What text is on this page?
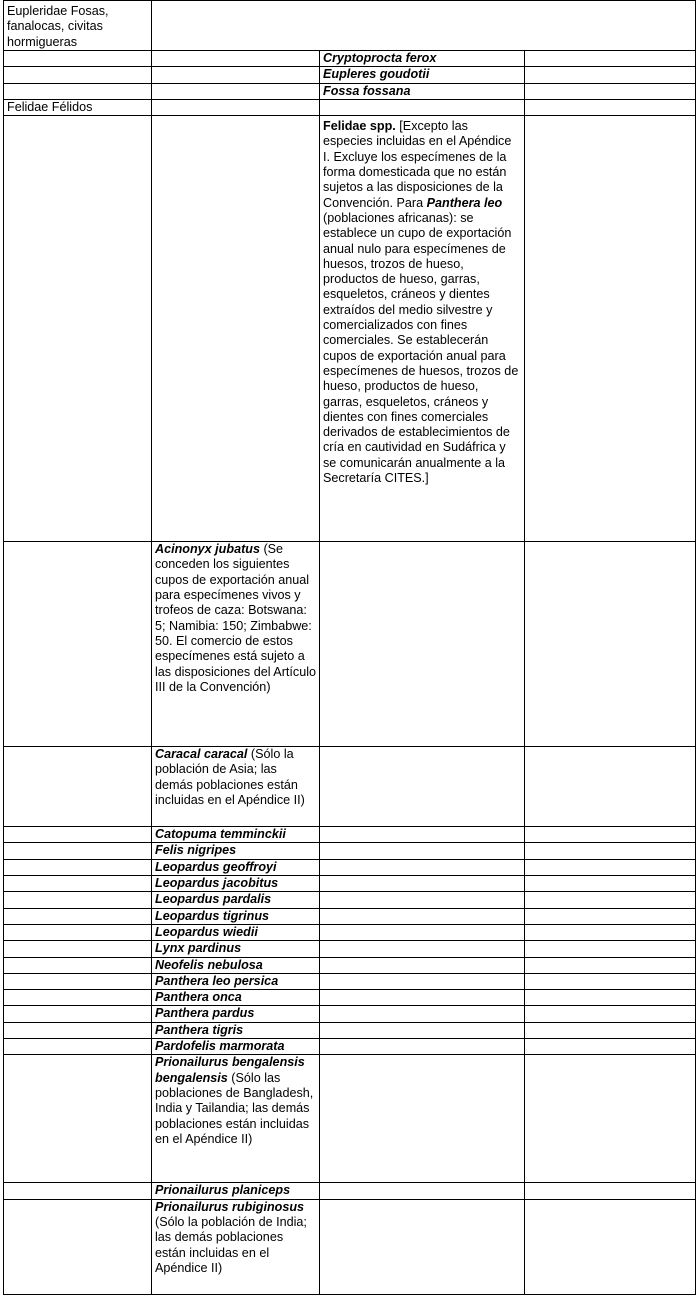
Eupleridae Fosas, fanalocas, civitas hormigueras			
		Cryptoprocta ferox	
		Eupleres goudotii	
		Fossa fossana	
Felidae Félidos			
		Felidae spp. [Excepto las especies incluidas en el Apéndice I. Excluye los especímenes de la forma domesticada que no están sujetos a las disposiciones de la Convención. Para Panthera leo (poblaciones africanas): se establece un cupo de exportación anual nulo para especímenes de huesos, trozos de hueso, productos de hueso, garras, esqueletos, cráneos y dientes extraídos del medio silvestre y comercializados con fines comerciales. Se establecerán cupos de exportación anual para especímenes de huesos, trozos de hueso, productos de hueso, garras, esqueletos, cráneos y dientes con fines comerciales derivados de establecimientos de cría en cautividad en Sudáfrica y se comunicarán anualmente a la Secretaría CITES.]	
	Acinonyx jubatus (Se conceden los siguientes cupos de exportación anual para especímenes vivos y trofeos de caza: Botswana: 5; Namibia: 150; Zimbabwe: 50. El comercio de estos especímenes está sujeto a las disposiciones del Artículo III de la Convención)		
	Caracal caracal (Sólo la población de Asia; las demás poblaciones están incluidas en el Apéndice II)		
	Catopuma temminckii		
	Felis nigripes		
	Leopardus geoffroyi		
	Leopardus jacobitus		
	Leopardus pardalis		
	Leopardus tigrinus		
	Leopardus wiedii		
	Lynx pardinus		
	Neofelis nebulosa		
	Panthera leo persica		
	Panthera onca		
	Panthera pardus		
	Panthera tigris		
	Pardofelis marmorata		
	Prionailurus bengalensis bengalensis (Sólo las poblaciones de Bangladesh, India y Tailandia; las demás poblaciones están incluidas en el Apéndice II)		
	Prionailurus planiceps		
	Prionailurus rubiginosus (Sólo la población de India; las demás poblaciones están incluidas en el Apéndice II)		
